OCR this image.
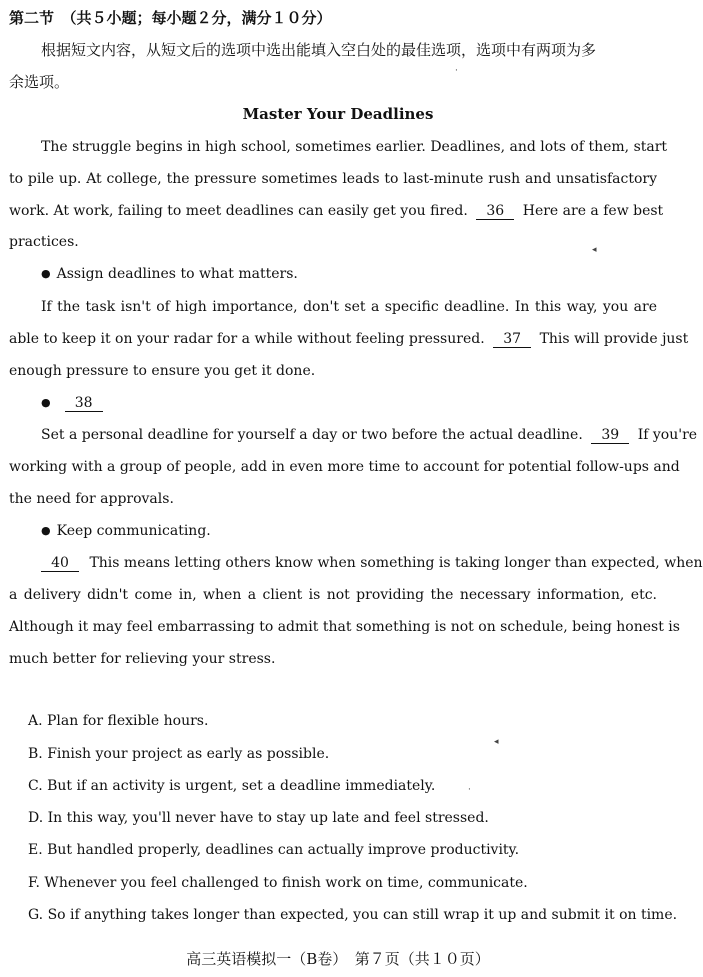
第二节　（共５小题；每小题２分，满分１０分）
根据短文内容，从短文后的选项中选出能填入空白处的最佳选项，选项中有两项为多
余选项。
Master Your Deadlines
The struggle begins in high school, sometimes earlier. Deadlines, and lots of them, start
to pile up. At college, the pressure sometimes leads to last-minute rush and unsatisfactory
work. At work, failing to meet deadlines can easily get you fired. 36 Here are a few best
practices.
● Assign deadlines to what matters.
If the task isn't of high importance, don't set a specific deadline. In this way, you are
able to keep it on your radar for a while without feeling pressured. 37 This will provide just
enough pressure to ensure you get it done.
● 38
Set a personal deadline for yourself a day or two before the actual deadline. 39 If you're
working with a group of people, add in even more time to account for potential follow-ups and
the need for approvals.
● Keep communicating.
40 This means letting others know when something is taking longer than expected, when
a delivery didn't come in, when a client is not providing the necessary information, etc.
Although it may feel embarrassing to admit that something is not on schedule, being honest is
much better for relieving your stress.
A. Plan for flexible hours.
B. Finish your project as early as possible.
C. But if an activity is urgent, set a deadline immediately.
D. In this way, you'll never have to stay up late and feel stressed.
E. But handled properly, deadlines can actually improve productivity.
F. Whenever you feel challenged to finish work on time, communicate.
G. So if anything takes longer than expected, you can still wrap it up and submit it on time.
高三英语模拟一（B卷）　第７页（共１０页）
·
◂
◂
·
